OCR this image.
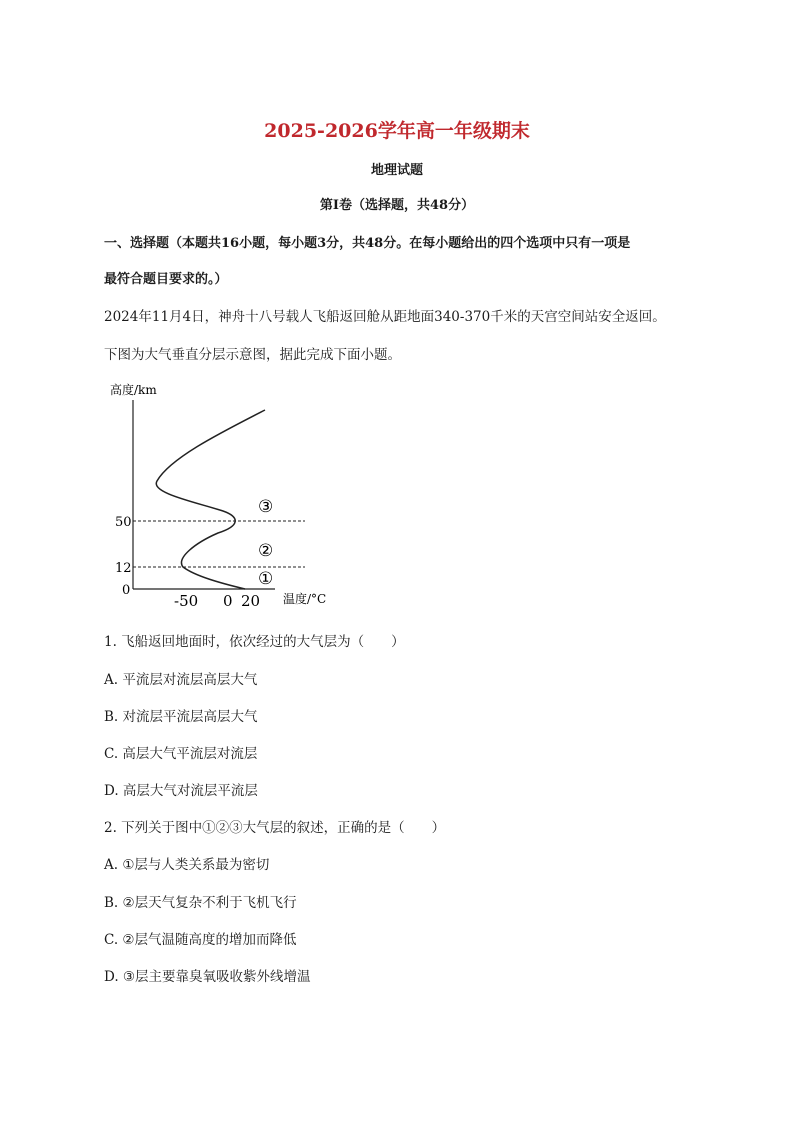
2025-2026学年高一年级期末
地理试题
第Ⅰ卷（选择题，共48分）
一、选择题（本题共16小题，每小题3分，共48分。在每小题给出的四个选项中只有一项是
最符合题目要求的。）
2024年11月4日，神舟十八号载人飞船返回舱从距地面340-370千米的天宫空间站安全返回。
下图为大气垂直分层示意图，据此完成下面小题。
高度/km
50
12
0
-50 0 20 温度/°C
③
②
①
1. 飞船返回地面时，依次经过的大气层为（　　）
A. 平流层对流层高层大气
B. 对流层平流层高层大气
C. 高层大气平流层对流层
D. 高层大气对流层平流层
2. 下列关于图中①②③大气层的叙述，正确的是（　　）
A. ①层与人类关系最为密切
B. ②层天气复杂不利于飞机飞行
C. ②层气温随高度的增加而降低
D. ③层主要靠臭氧吸收紫外线增温
